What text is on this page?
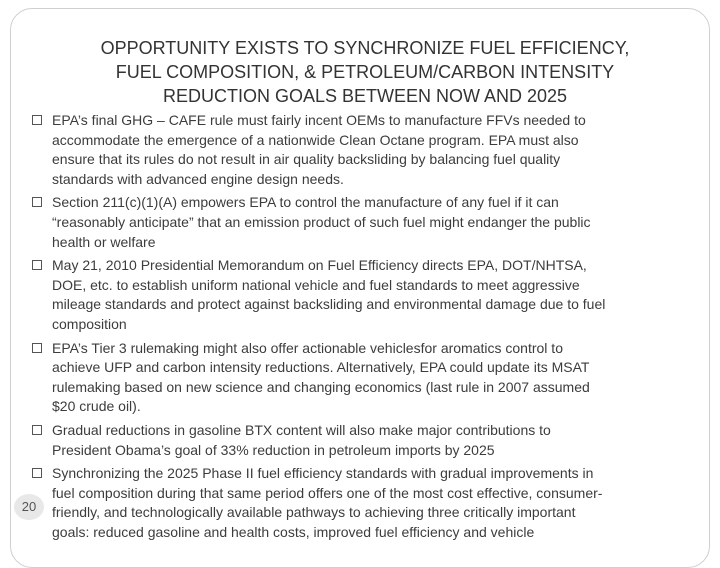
OPPORTUNITY EXISTS TO SYNCHRONIZE FUEL EFFICIENCY,
FUEL COMPOSITION, & PETROLEUM/CARBON INTENSITY
REDUCTION GOALS BETWEEN NOW AND 2025
EPA’s final GHG – CAFE rule must fairly incent OEMs to manufacture FFVs needed to
accommodate the emergence of a nationwide Clean Octane program. EPA must also
ensure that its rules do not result in air quality backsliding by balancing fuel quality
standards with advanced engine design needs.
Section 211(c)(1)(A) empowers EPA to control the manufacture of any fuel if it can
“reasonably anticipate” that an emission product of such fuel might endanger the public
health or welfare
May 21, 2010 Presidential Memorandum on Fuel Efficiency directs EPA, DOT/NHTSA,
DOE, etc. to establish uniform national vehicle and fuel standards to meet aggressive
mileage standards and protect against backsliding and environmental damage due to fuel
composition
EPA’s Tier 3 rulemaking might also offer actionable vehiclesfor aromatics control to
achieve UFP and carbon intensity reductions. Alternatively, EPA could update its MSAT
rulemaking based on new science and changing economics (last rule in 2007 assumed
$20 crude oil).
Gradual reductions in gasoline BTX content will also make major contributions to
President Obama’s goal of 33% reduction in petroleum imports by 2025
Synchronizing the 2025 Phase II fuel efficiency standards with gradual improvements in
fuel composition during that same period offers one of the most cost effective, consumer-
friendly, and technologically available pathways to achieving three critically important
goals: reduced gasoline and health costs, improved fuel efficiency and vehicle
20
